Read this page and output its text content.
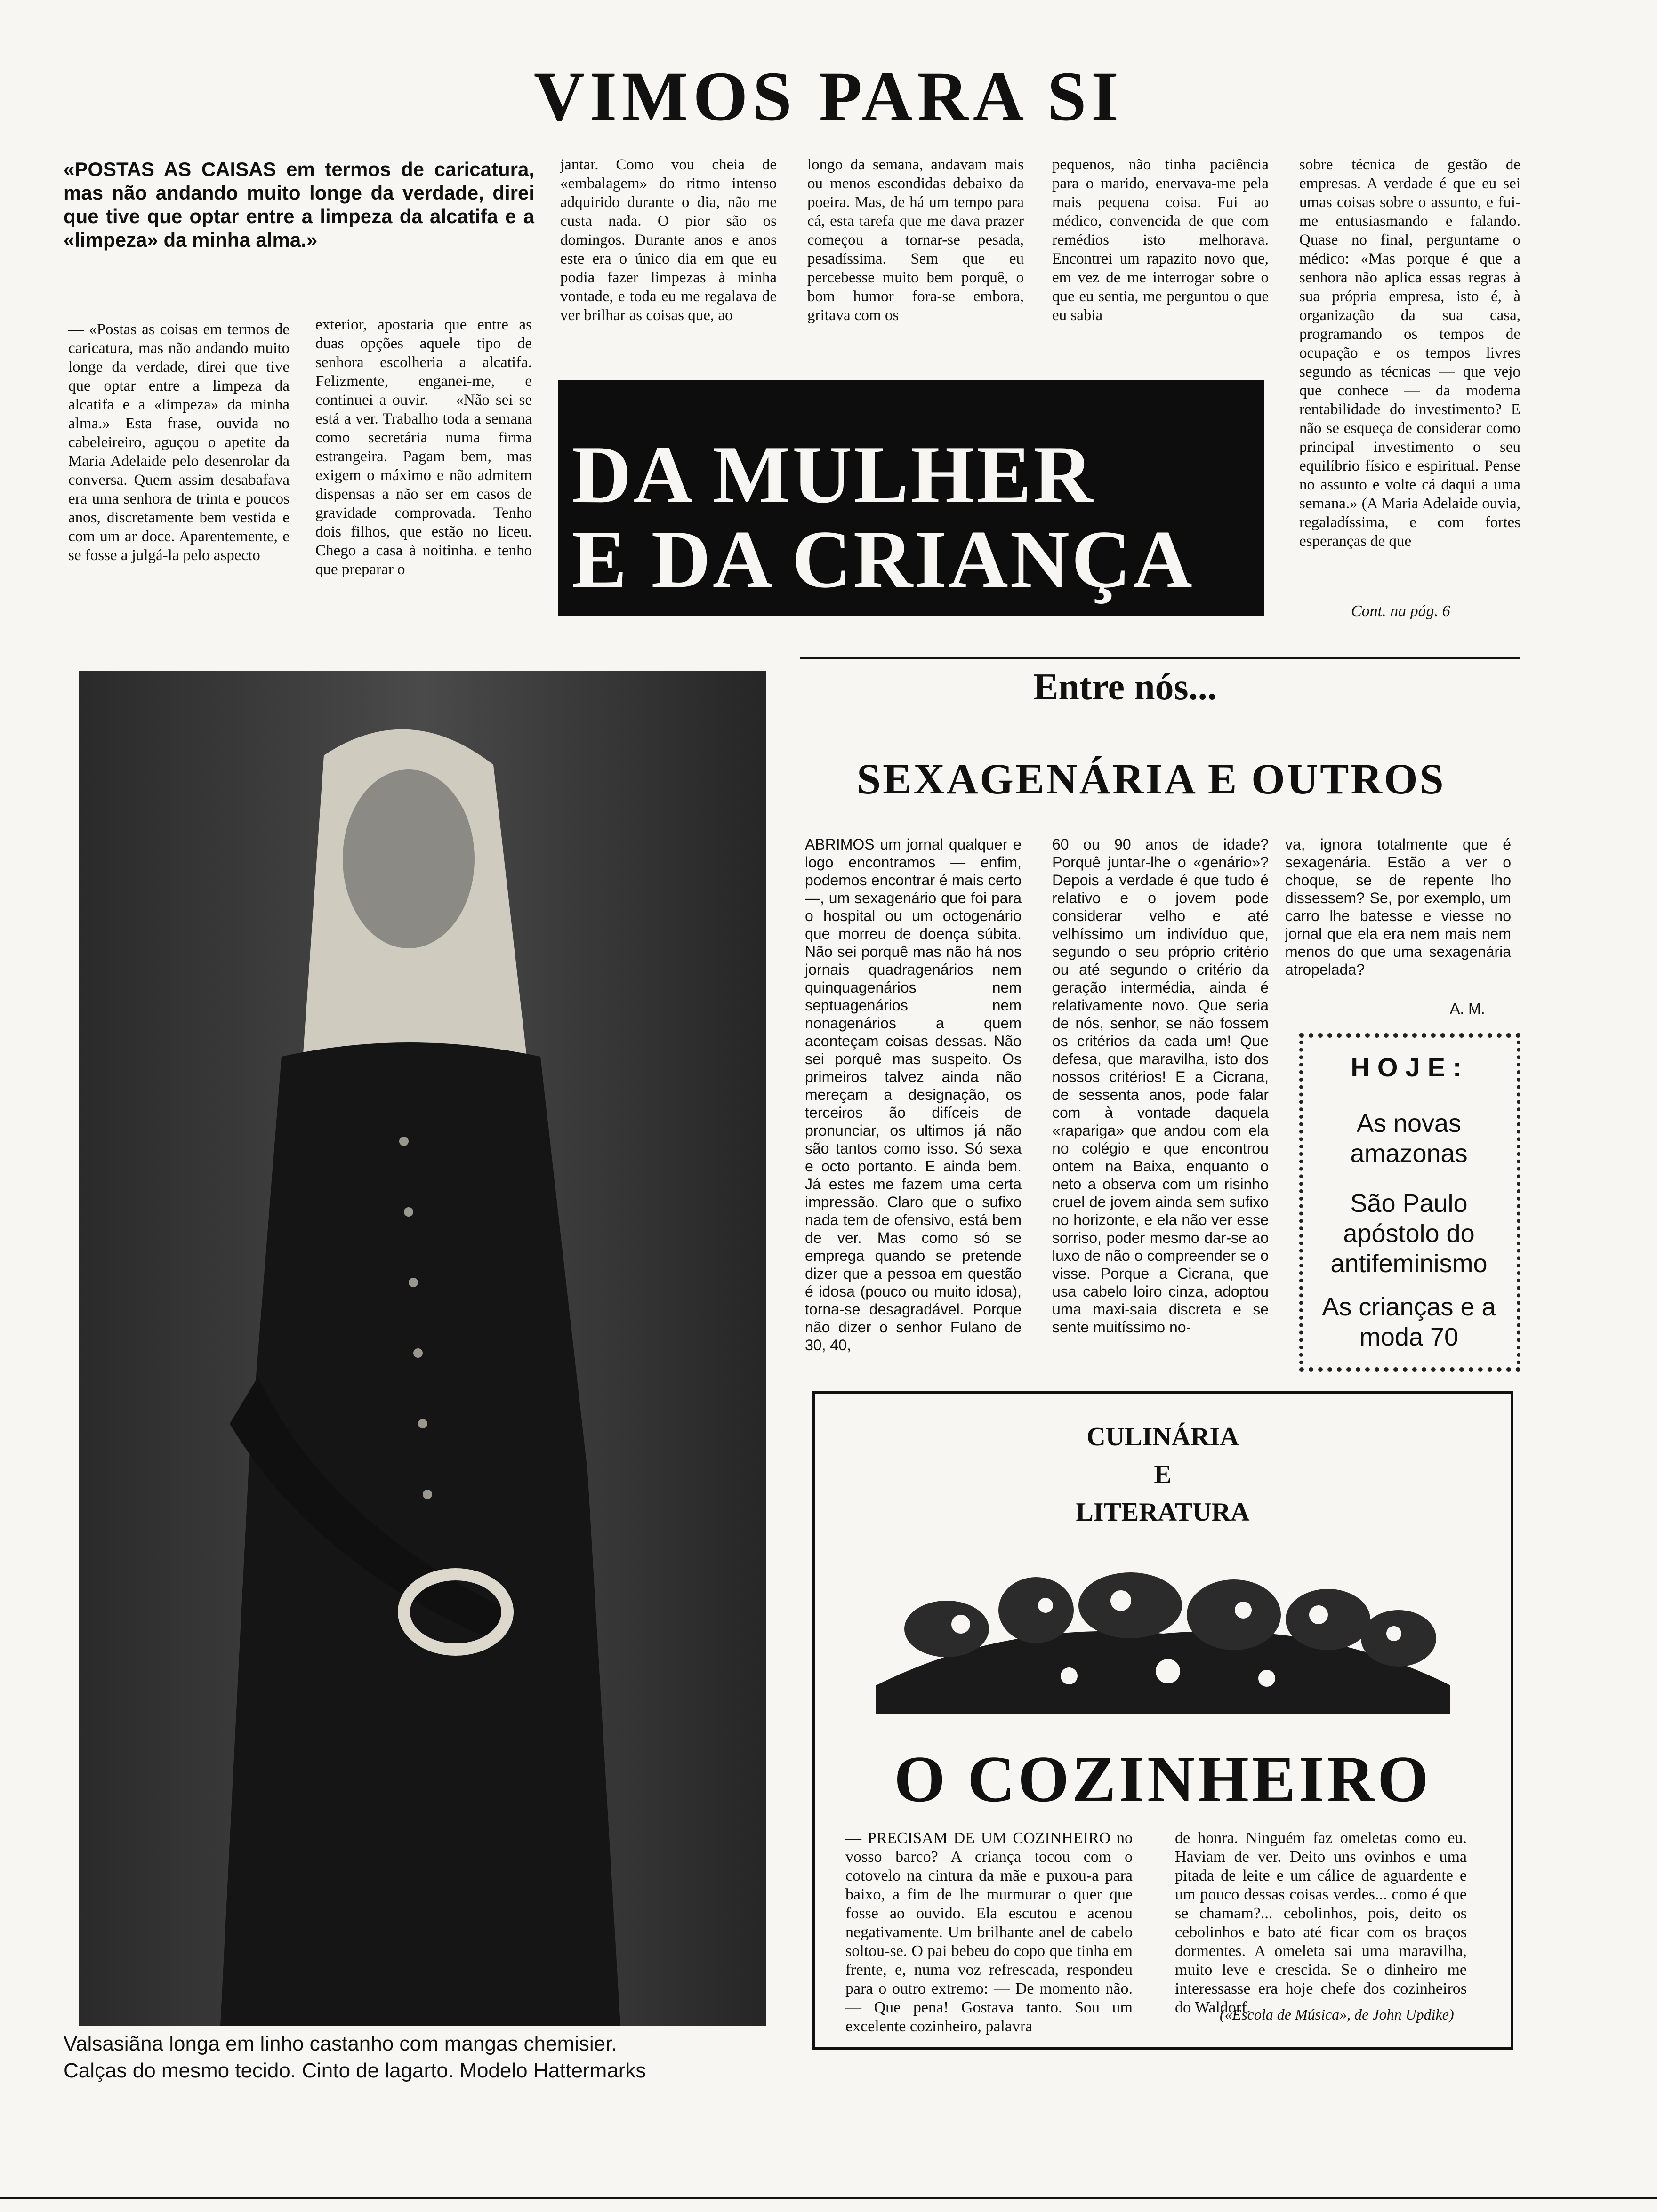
VIMOS PARA SI
«POSTAS AS CAISAS em termos de caricatura, mas não andando muito longe da verdade, direi que tive que optar entre a limpeza da alcatifa e a «limpeza» da minha alma.»
— «Postas as coisas em termos de caricatura, mas não andando muito longe da verdade, direi que tive que optar entre a limpeza da alcatifa e a «limpeza» da minha alma.» Esta frase, ouvida no cabeleireiro, aguçou o apetite da Maria Adelaide pelo desenrolar da conversa. Quem assim desabafava era uma senhora de trinta e poucos anos, discretamente bem vestida e com um ar doce. Aparentemente, e se fosse a julgá-la pelo aspecto
exterior, apostaria que entre as duas opções aquele tipo de senhora escolheria a alcatifa. Felizmente, enganei-me, e continuei a ouvir. — «Não sei se está a ver. Trabalho toda a semana como secretária numa firma estrangeira. Pagam bem, mas exigem o máximo e não admitem dispensas a não ser em casos de gravidade comprovada. Tenho dois filhos, que estão no liceu. Chego a casa à noitinha. e tenho que preparar o
jantar. Como vou cheia de «embalagem» do ritmo intenso adquirido durante o dia, não me custa nada. O pior são os domingos. Durante anos e anos este era o único dia em que eu podia fazer limpezas à minha vontade, e toda eu me regalava de ver brilhar as coisas que, ao
longo da semana, andavam mais ou menos escondidas debaixo da poeira. Mas, de há um tempo para cá, esta tarefa que me dava prazer começou a tornar-se pesada, pesadíssima. Sem que eu percebesse muito bem porquê, o bom humor fora-se embora, gritava com os
pequenos, não tinha paciência para o marido, enervava-me pela mais pequena coisa. Fui ao médico, convencida de que com remédios isto melhorava. Encontrei um rapazito novo que, em vez de me interrogar sobre o que eu sentia, me perguntou o que eu sabia
sobre técnica de gestão de empresas. A verdade é que eu sei umas coisas sobre o assunto, e fui-me entusiasmando e falando. Quase no final, perguntame o médico: «Mas porque é que a senhora não aplica essas regras à sua própria empresa, isto é, à organização da sua casa, programando os tempos de ocupação e os tempos livres segundo as técnicas — que vejo que conhece — da moderna rentabilidade do investimento? E não se esqueça de considerar como principal investimento o seu equilíbrio físico e espiritual. Pense no assunto e volte cá daqui a uma semana.» (A Maria Adelaide ouvia, regaladíssima, e com fortes esperanças de que
Cont. na pág. 6
DA MULHER
E DA CRIANÇA
Valsasiãna longa em linho castanho com mangas chemisier.
Calças do mesmo tecido. Cinto de lagarto. Modelo Hattermarks
Entre nós...
SEXAGENÁRIA E OUTROS
ABRIMOS um jornal qualquer e logo encontramos — enfim, podemos encontrar é mais certo —, um sexagenário que foi para o hospital ou um octogenário que morreu de doença súbita. Não sei porquê mas não há nos jornais quadragenários nem quinquagenários nem septuagenários nem nonagenários a quem aconteçam coisas dessas. Não sei porquê mas suspeito. Os primeiros talvez ainda não mereçam a designação, os terceiros ão difíceis de pronunciar, os ultimos já não são tantos como isso. Só sexa e octo portanto. E ainda bem. Já estes me fazem uma certa impressão. Claro que o sufixo nada tem de ofensivo, está bem de ver. Mas como só se emprega quando se pretende dizer que a pessoa em questão é idosa (pouco ou muito idosa), torna-se desagradável. Porque não dizer o senhor Fulano de 30, 40,
60 ou 90 anos de idade? Porquê juntar-lhe o «genário»? Depois a verdade é que tudo é relativo e o jovem pode considerar velho e até velhíssimo um indivíduo que, segundo o seu próprio critério ou até segundo o critério da geração intermédia, ainda é relativamente novo. Que seria de nós, senhor, se não fossem os critérios da cada um! Que defesa, que maravilha, isto dos nossos critérios! E a Cicrana, de sessenta anos, pode falar com à vontade daquela «rapariga» que andou com ela no colégio e que encontrou ontem na Baixa, enquanto o neto a observa com um risinho cruel de jovem ainda sem sufixo no horizonte, e ela não ver esse sorriso, poder mesmo dar-se ao luxo de não o compreender se o visse. Porque a Cicrana, que usa cabelo loiro cinza, adoptou uma maxi-saia discreta e se sente muitíssimo no-
va, ignora totalmente que é sexagenária. Estão a ver o choque, se de repente lho dissessem? Se, por exemplo, um carro lhe batesse e viesse no jornal que ela era nem mais nem menos do que uma sexagenária atropelada?
A. M.
HOJE:
As novas amazonas
São Paulo apóstolo do antifeminismo
As crianças e a moda 70
CULINÁRIA
E
LITERATURA
O COZINHEIRO
— PRECISAM DE UM COZINHEIRO no vosso barco? A criança tocou com o cotovelo na cintura da mãe e puxou-a para baixo, a fim de lhe murmurar o quer que fosse ao ouvido. Ela escutou e acenou negativamente. Um brilhante anel de cabelo soltou-se. O pai bebeu do copo que tinha em frente, e, numa voz refrescada, respondeu para o outro extremo: — De momento não. — Que pena! Gostava tanto. Sou um excelente cozinheiro, palavra
de honra. Ninguém faz omeletas como eu. Haviam de ver. Deito uns ovinhos e uma pitada de leite e um cálice de aguardente e um pouco dessas coisas verdes... como é que se chamam?... cebolinhos, pois, deito os cebolinhos e bato até ficar com os braços dormentes. A omeleta sai uma maravilha, muito leve e crescida. Se o dinheiro me interessasse era hoje chefe dos cozinheiros do Waldorf.
(«Escola de Música», de John Updike)
